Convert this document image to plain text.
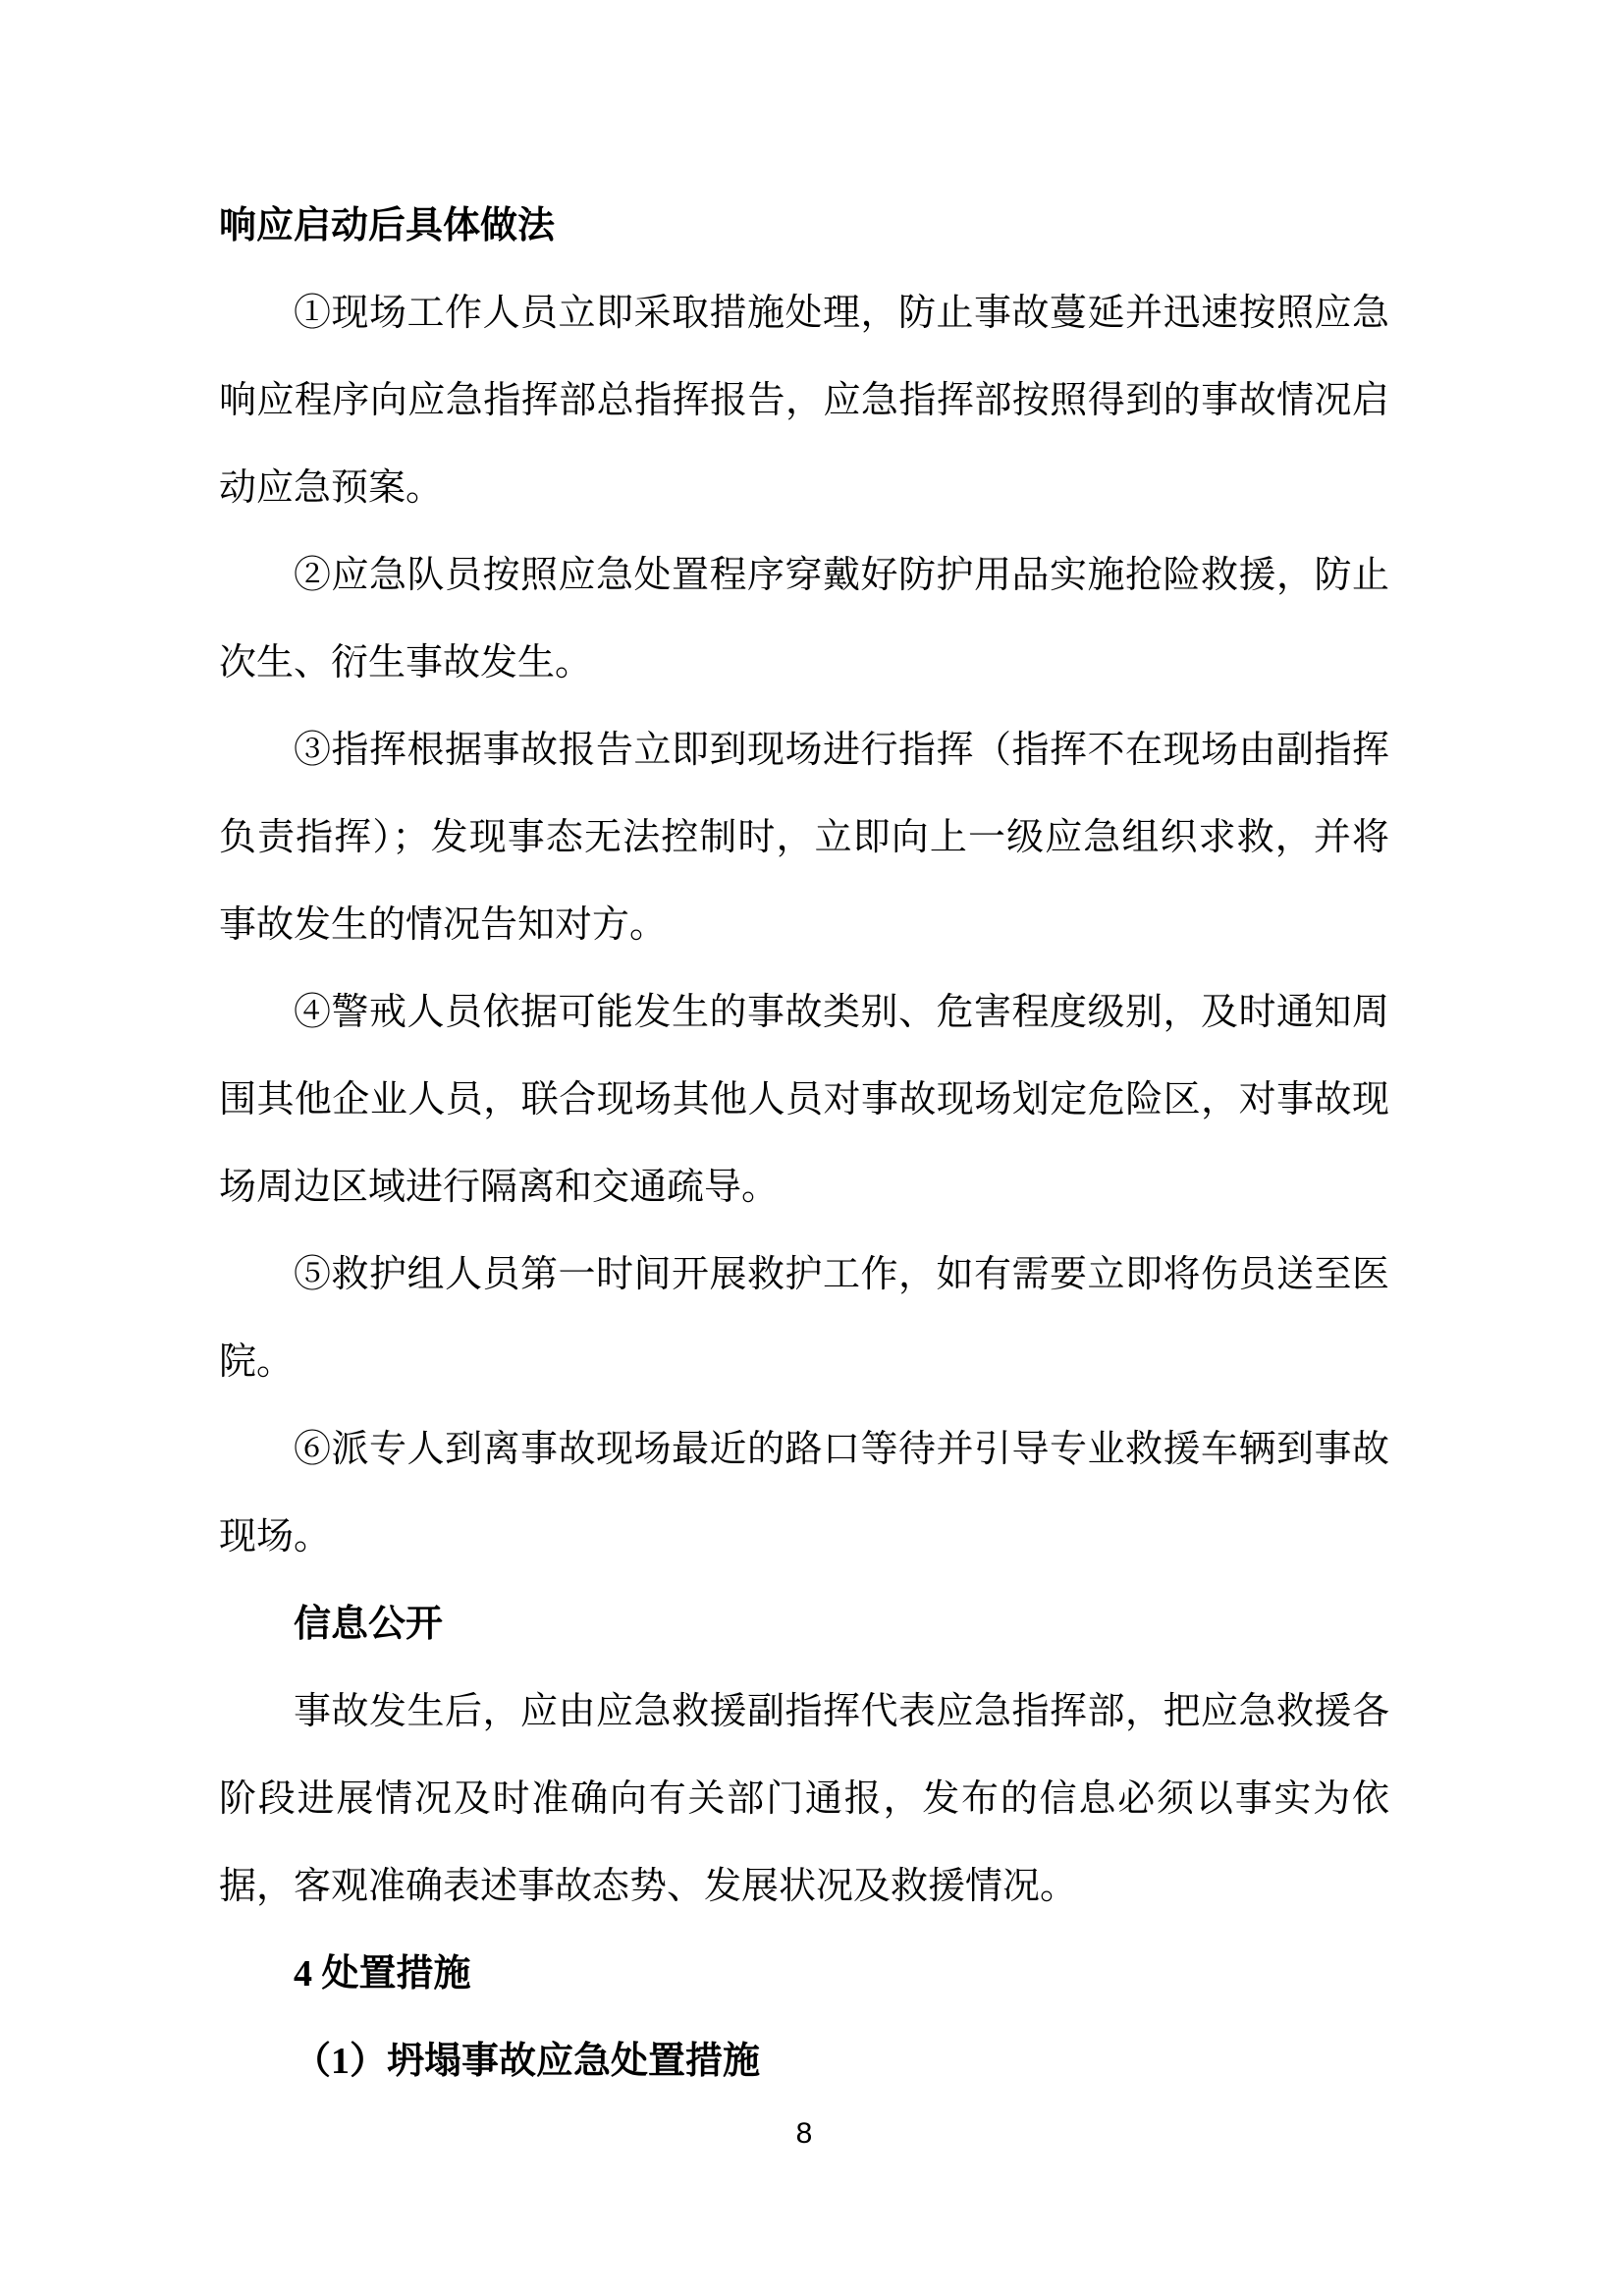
响应启动后具体做法

①现场工作人员立即采取措施处理，防止事故蔓延并迅速按照应急响应程序向应急指挥部总指挥报告，应急指挥部按照得到的事故情况启动应急预案。

②应急队员按照应急处置程序穿戴好防护用品实施抢险救援，防止次生、衍生事故发生。

③指挥根据事故报告立即到现场进行指挥（指挥不在现场由副指挥负责指挥）；发现事态无法控制时，立即向上一级应急组织求救，并将事故发生的情况告知对方。

④警戒人员依据可能发生的事故类别、危害程度级别，及时通知周围其他企业人员，联合现场其他人员对事故现场划定危险区，对事故现场周边区域进行隔离和交通疏导。

⑤救护组人员第一时间开展救护工作，如有需要立即将伤员送至医院。

⑥派专人到离事故现场最近的路口等待并引导专业救援车辆到事故现场。

信息公开

事故发生后，应由应急救援副指挥代表应急指挥部，把应急救援各阶段进展情况及时准确向有关部门通报，发布的信息必须以事实为依据，客观准确表述事故态势、发展状况及救援情况。

4 处置措施
（1）坍塌事故应急处置措施
8
